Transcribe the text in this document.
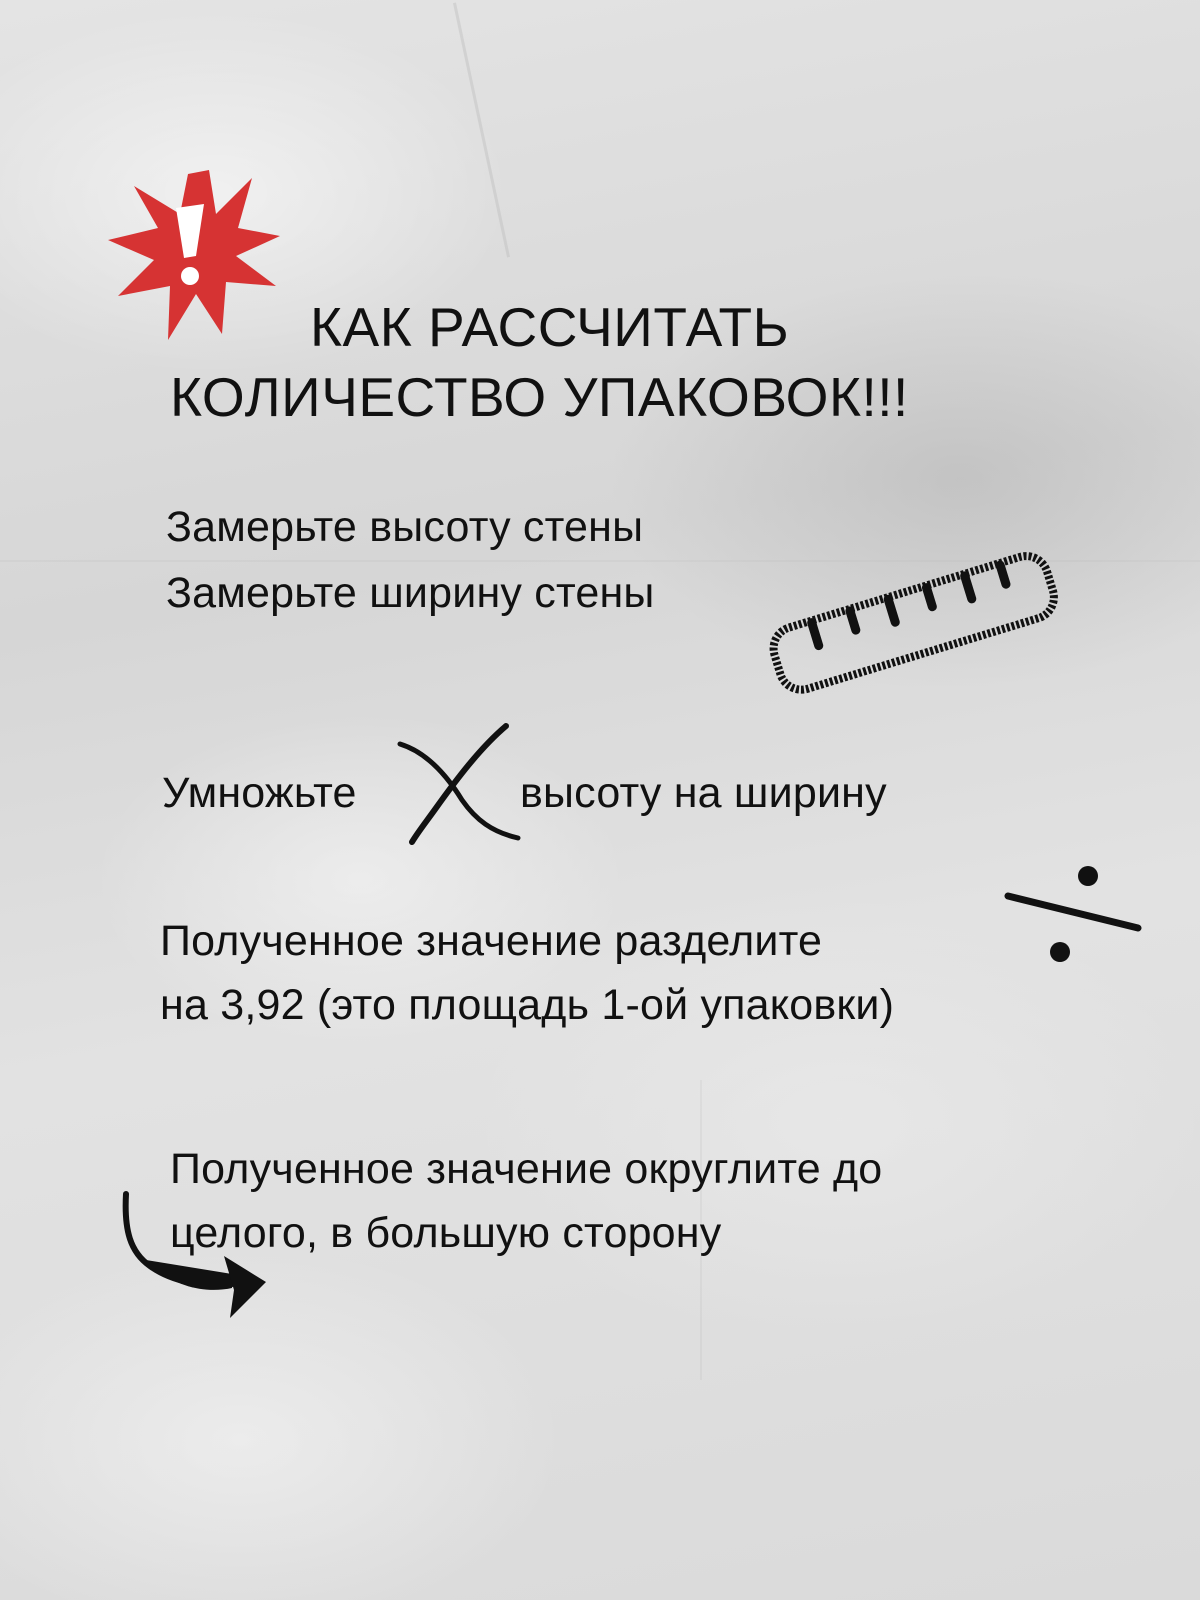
КАК РАССЧИТАТЬ

КОЛИЧЕСТВО УПАКОВОК!!!

Замерьте высоту стены

Замерьте ширину стены

Умножьте	высоту на ширину

Полученное значение разделите

на 3,92 (это площадь 1-ой упаковки)

Полученное значение округлите до

целого, в большую сторону
